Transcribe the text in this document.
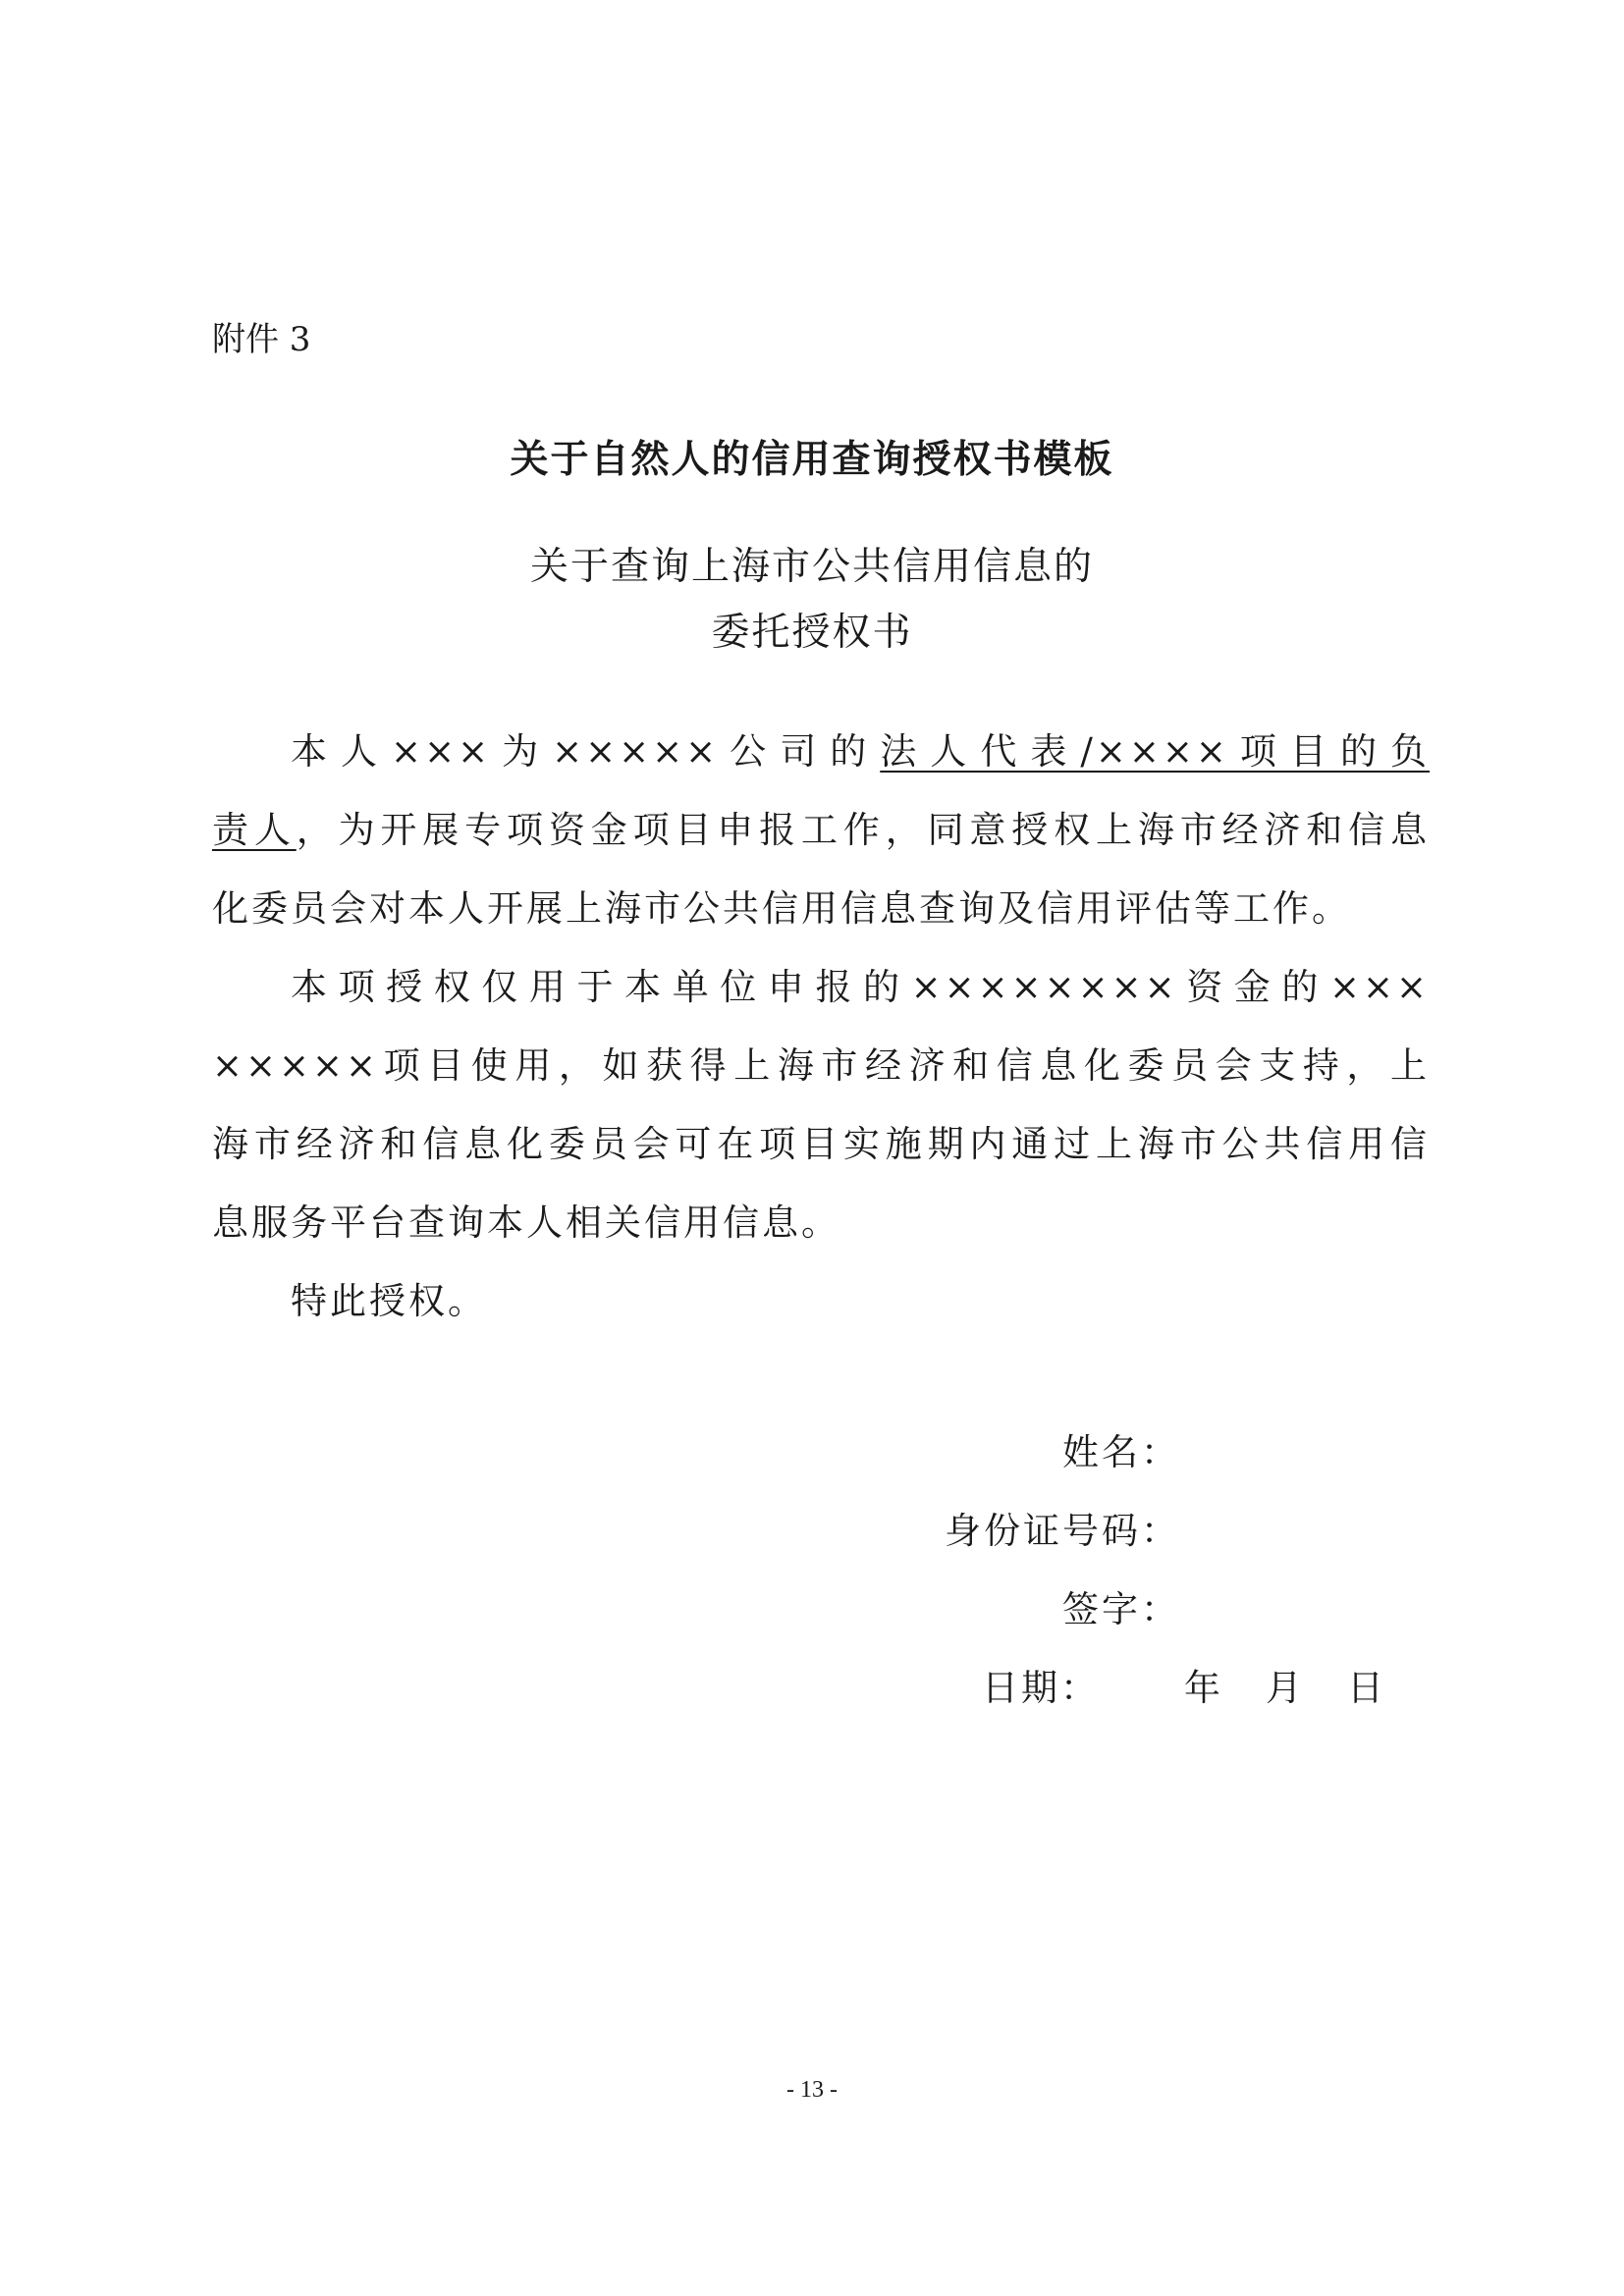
附件 3
关于自然人的信用查询授权书模板
关于查询上海市公共信用信息的
委托授权书
本人×××为×××××公司的法人代表/××××项目的负
责人，为开展专项资金项目申报工作，同意授权上海市经济和信息
化委员会对本人开展上海市公共信用信息查询及信用评估等工作。
本项授权仅用于本单位申报的××××××××资金的×××
×××××项目使用，如获得上海市经济和信息化委员会支持，上
海市经济和信息化委员会可在项目实施期内通过上海市公共信用信
息服务平台查询本人相关信用信息。
特此授权。
姓名：
身份证号码：
签字：
日期： 年 月 日
- 13 -
